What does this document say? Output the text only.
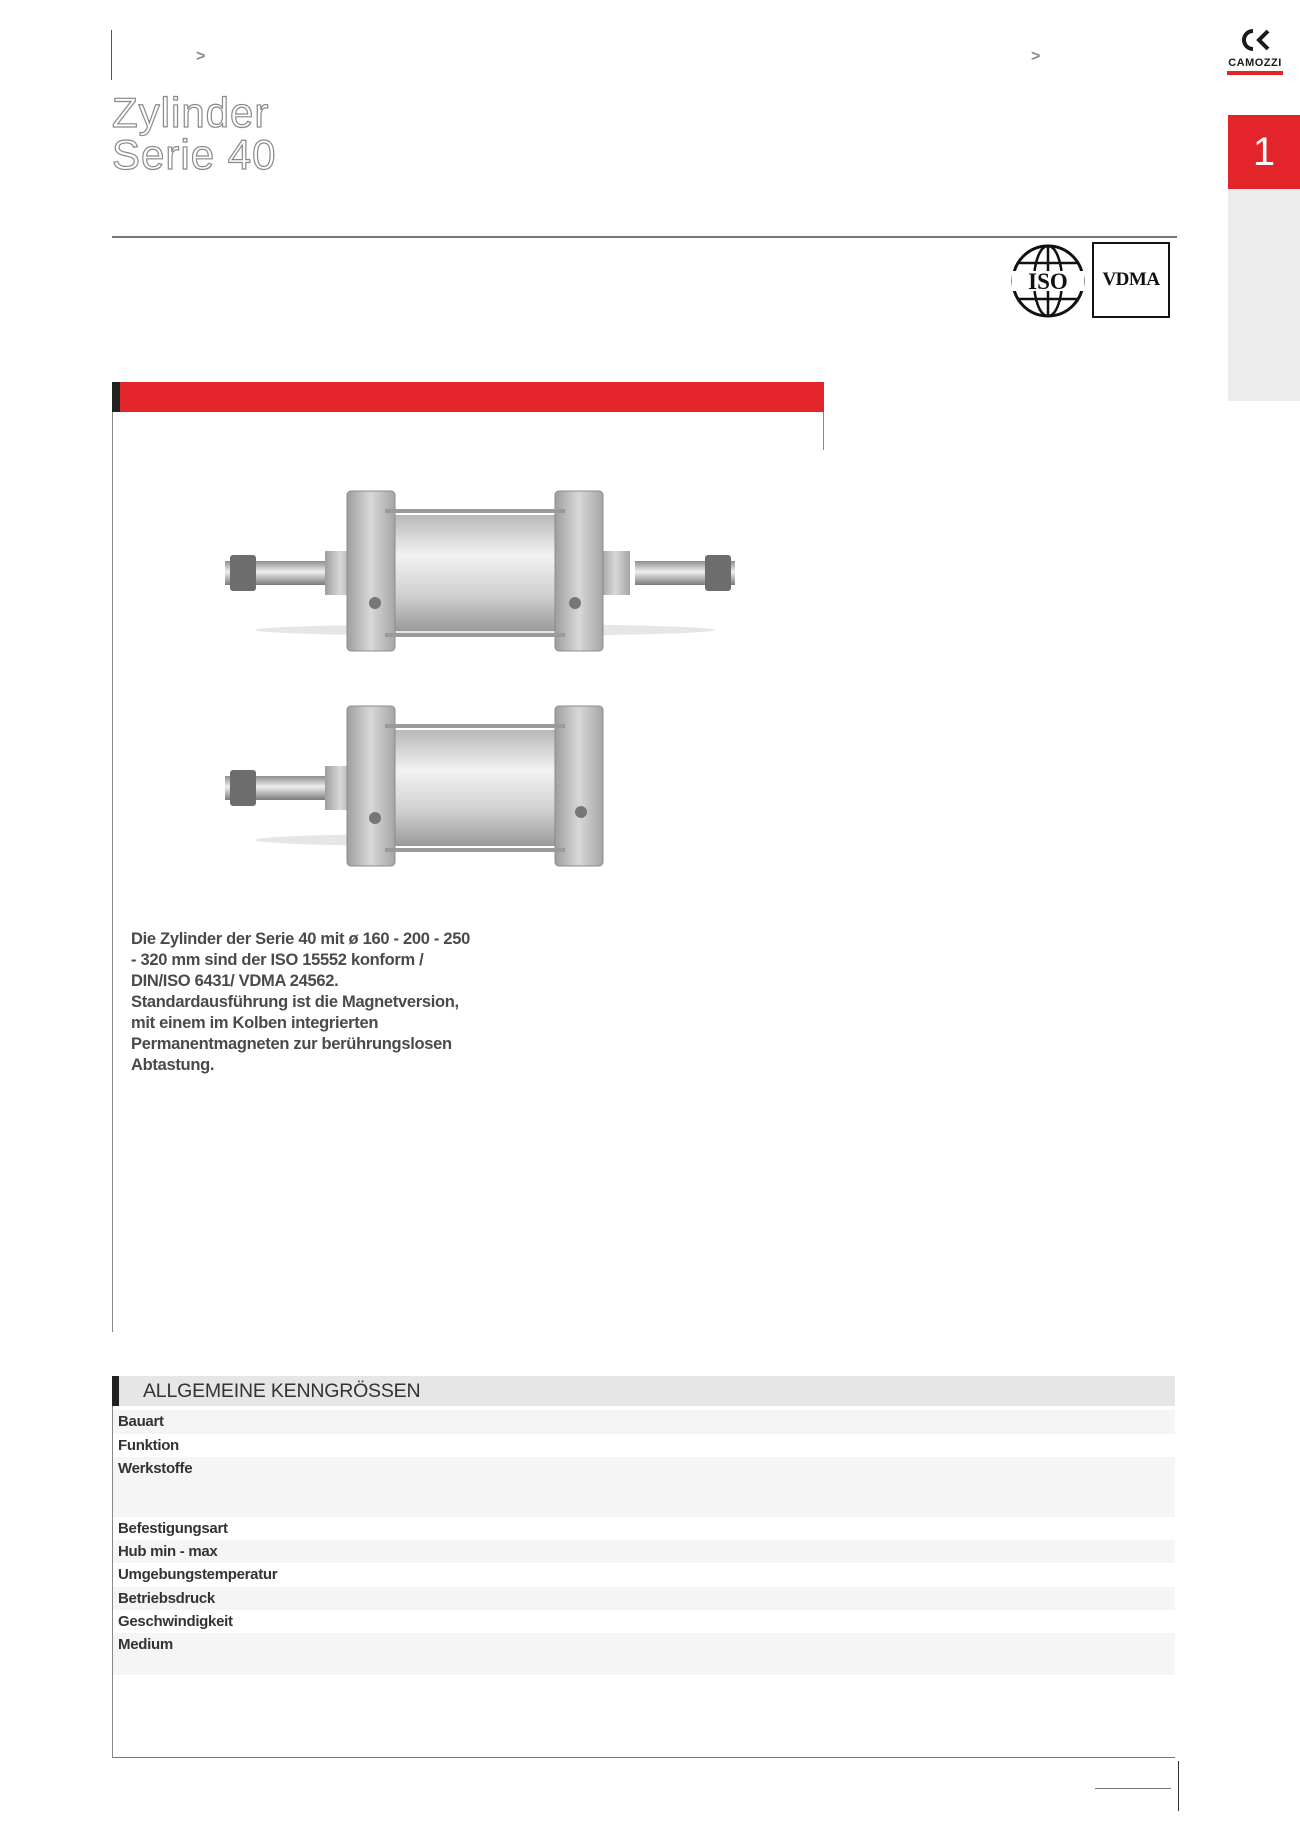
>	>
Zylinder
Serie 40
CAMOZZI
1
ISO VDMA
Die Zylinder der Serie 40 mit ø 160 - 200 - 250 - 320 mm sind der ISO 15552 konform / DIN/ISO 6431/ VDMA 24562. Standardausführung ist die Magnetversion, mit einem im Kolben integrierten Permanentmagneten zur berührungslosen Abtastung.
ALLGEMEINE KENNGRÖSSEN
Bauart
Funktion
Werkstoffe
Befestigungsart
Hub min - max
Umgebungstemperatur
Betriebsdruck
Geschwindigkeit
Medium
